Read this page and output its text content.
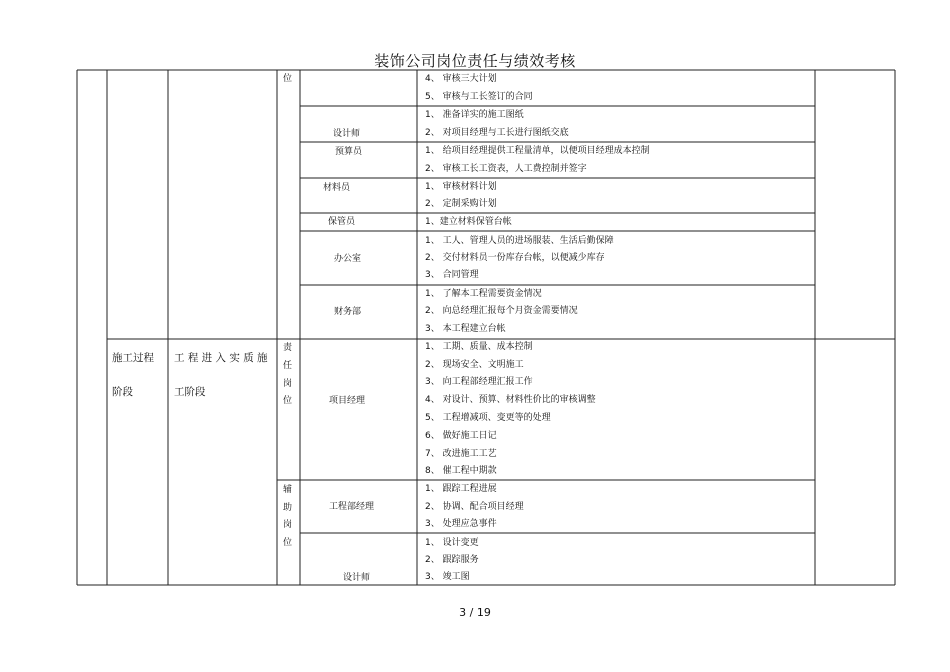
装饰公司岗位责任与绩效考核
施工过程
阶段
工 程 进 入 实 质 施
工阶段
位
责
任
岗
位
辅
助
岗
位
设计师
预算员
材料员
保管员
办公室
财务部
项目经理
工程部经理
设计师
4、 审核三大计划
5、 审核与工长签订的合同
1、 准备详实的施工图纸
2、 对项目经理与工长进行图纸交底
1、 给项目经理提供工程量清单，以便项目经理成本控制
2、 审核工长工资表，人工费控制并签字
1、 审核材料计划
2、 定制采购计划
1、建立材料保管台帐
1、 工人、管理人员的进场服装、生活后勤保障
2、 交付材料员一份库存台帐，以便减少库存
3、 合同管理
1、 了解本工程需要资金情况
2、 向总经理汇报每个月资金需要情况
3、 本工程建立台帐
1、 工期、质量、成本控制
2、 现场安全、文明施工
3、 向工程部经理汇报工作
4、 对设计、预算、材料性价比的审核调整
5、 工程增减项、变更等的处理
6、 做好施工日记
7、 改进施工工艺
8、 催工程中期款
1、 跟踪工程进展
2、 协调、配合项目经理
3、 处理应急事件
1、 设计变更
2、 跟踪服务
3、 竣工图
3 / 19
